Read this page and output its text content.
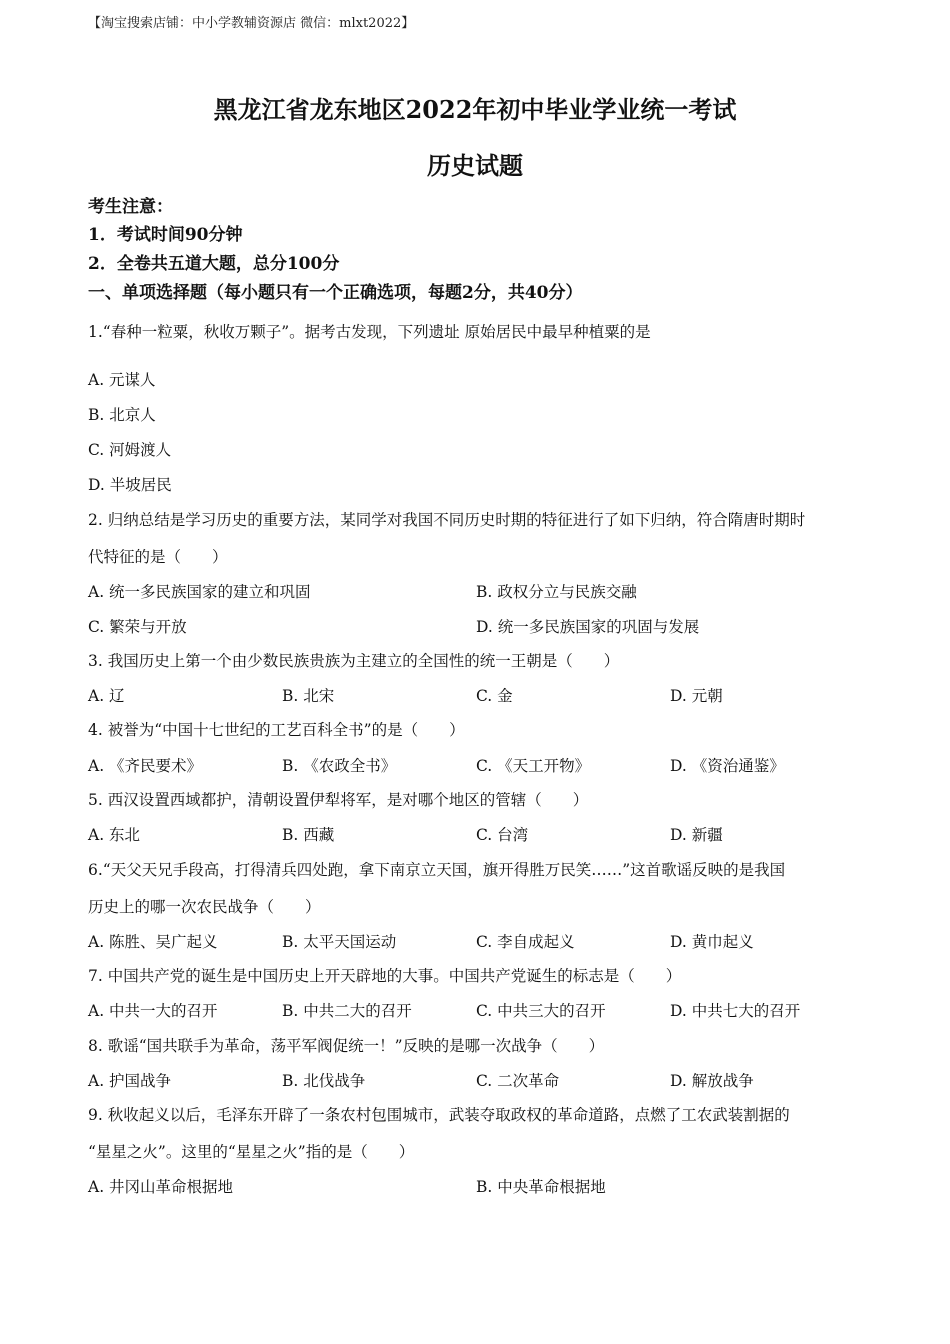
【淘宝搜索店铺：中小学教辅资源店 微信：mlxt2022】
黑龙江省龙东地区2022年初中毕业学业统一考试
历史试题
考生注意：
1．考试时间90分钟
2．全卷共五道大题，总分100分
一、单项选择题（每小题只有一个正确选项，每题2分，共40分）
1.“春种一粒粟，秋收万颗子”。据考古发现，下列遗址 原始居民中最早种植粟的是
A. 元谋人
B. 北京人
C. 河姆渡人
D. 半坡居民
2. 归纳总结是学习历史的重要方法，某同学对我国不同历史时期的特征进行了如下归纳，符合隋唐时期时
代特征的是（　　）
A. 统一多民族国家的建立和巩固	B. 政权分立与民族交融
C. 繁荣与开放	D. 统一多民族国家的巩固与发展
3. 我国历史上第一个由少数民族贵族为主建立的全国性的统一王朝是（　　）
A. 辽	B. 北宋	C. 金	D. 元朝
4. 被誉为“中国十七世纪的工艺百科全书”的是（　　）
A. 《齐民要术》	B. 《农政全书》	C. 《天工开物》	D. 《资治通鉴》
5. 西汉设置西域都护，清朝设置伊犁将军，是对哪个地区的管辖（　　）
A. 东北	B. 西藏	C. 台湾	D. 新疆
6.“天父天兄手段高，打得清兵四处跑，拿下南京立天国，旗开得胜万民笑……”这首歌谣反映的是我国
历史上的哪一次农民战争（　　）
A. 陈胜、吴广起义	B. 太平天国运动	C. 李自成起义	D. 黄巾起义
7. 中国共产党的诞生是中国历史上开天辟地的大事。中国共产党诞生的标志是（　　）
A. 中共一大的召开	B. 中共二大的召开	C. 中共三大的召开	D. 中共七大的召开
8. 歌谣“国共联手为革命，荡平军阀促统一！”反映的是哪一次战争（　　）
A. 护国战争	B. 北伐战争	C. 二次革命	D. 解放战争
9. 秋收起义以后，毛泽东开辟了一条农村包围城市，武装夺取政权的革命道路，点燃了工农武装割据的
“星星之火”。这里的“星星之火”指的是（　　）
A. 井冈山革命根据地	B. 中央革命根据地
